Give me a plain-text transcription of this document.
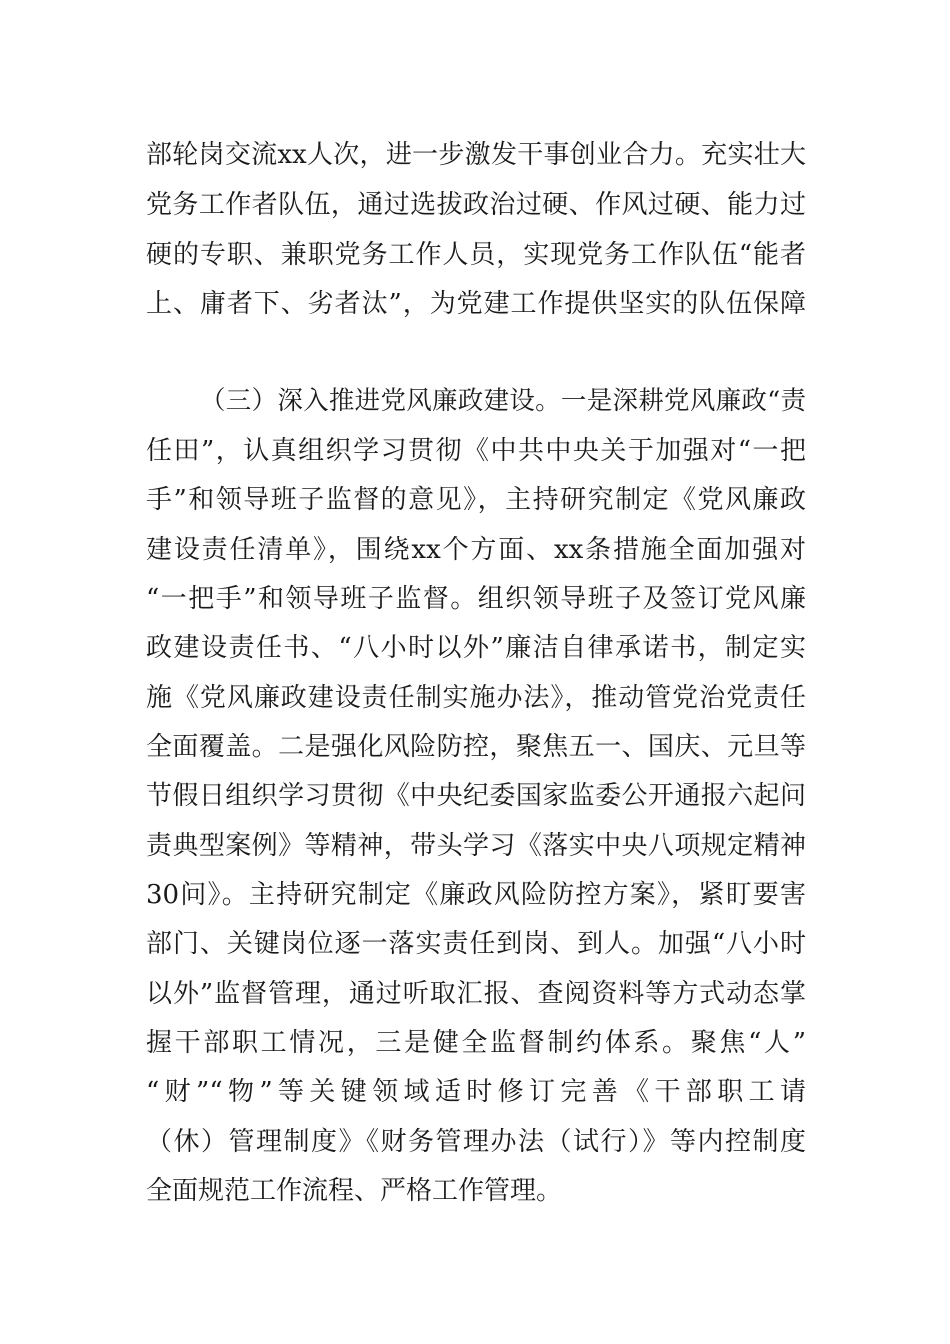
部轮岗交流xx人次，进一步激发干事创业合力。充实壮大
党务工作者队伍，通过选拔政治过硬、作风过硬、能力过
硬的专职、兼职党务工作人员，实现党务工作队伍“能者
上、庸者下、劣者汰”，为党建工作提供坚实的队伍保障
（三）深入推进党风廉政建设。一是深耕党风廉政“责
任田”，认真组织学习贯彻《中共中央关于加强对“一把
手”和领导班子监督的意见》，主持研究制定《党风廉政
建设责任清单》，围绕xx个方面、xx条措施全面加强对
“一把手”和领导班子监督。组织领导班子及签订党风廉
政建设责任书、“八小时以外”廉洁自律承诺书，制定实
施《党风廉政建设责任制实施办法》，推动管党治党责任
全面覆盖。二是强化风险防控，聚焦五一、国庆、元旦等
节假日组织学习贯彻《中央纪委国家监委公开通报六起问
责典型案例》等精神，带头学习《落实中央八项规定精神
30问》。主持研究制定《廉政风险防控方案》，紧盯要害
部门、关键岗位逐一落实责任到岗、到人。加强“八小时
以外”监督管理，通过听取汇报、查阅资料等方式动态掌
握干部职工情况，三是健全监督制约体系。聚焦“人”
“财”“物”等关键领域适时修订完善《干部职工请
（休）管理制度》《财务管理办法（试行）》等内控制度
全面规范工作流程、严格工作管理。
